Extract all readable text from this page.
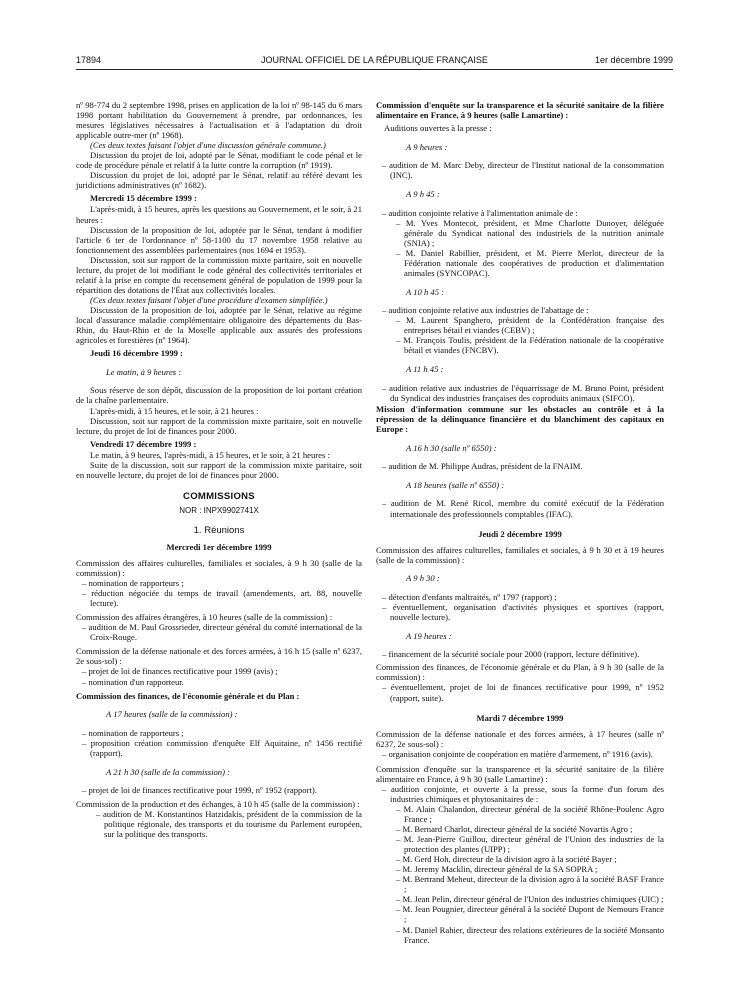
17894	JOURNAL OFFICIEL DE LA RÉPUBLIQUE FRANÇAISE	1er décembre 1999

nº 98-774 du 2 septembre 1998, prises en application de la loi nº 98-145 du 6 mars 1998 portant habilitation du Gouvernement à prendre, par ordonnances, les mesures législatives nécessaires à l'actualisation et à l'adaptation du droit applicable outre-mer (nº 1968).

(Ces deux textes faisant l'objet d'une discussion générale commune.)

Discussion du projet de loi, adopté par le Sénat, modifiant le code pénal et le code de procédure pénale et relatif à la lutte contre la corruption (nº 1919).

Discussion du projet de loi, adopté par le Sénat, relatif au référé devant les juridictions administratives (nº 1682).

Mercredi 15 décembre 1999 :

L'après-midi, à 15 heures, après les questions au Gouvernement, et le soir, à 21 heures :

Discussion de la proposition de loi, adoptée par le Sénat, tendant à modifier l'article 6 ter de l'ordonnance nº 58-1100 du 17 novembre 1958 relative au fonctionnement des assemblées parlementaires (nos 1694 et 1953).

Discussion, soit sur rapport de la commission mixte paritaire, soit en nouvelle lecture, du projet de loi modifiant le code général des collectivités territoriales et relatif à la prise en compte du recensement général de population de 1999 pour la répartition des dotations de l'État aux collectivités locales.

(Ces deux textes faisant l'objet d'une procédure d'examen simplifiée.)

Discussion de la proposition de loi, adoptée par le Sénat, relative au régime local d'assurance maladie complémentaire obligatoire des départements du Bas-Rhin, du Haut-Rhin et de la Moselle applicable aux assurés des professions agricoles et forestières (nº 1964).

Jeudi 16 décembre 1999 :

Le matin, à 9 heures :

Sous réserve de son dépôt, discussion de la proposition de loi portant création de la chaîne parlementaire.

L'après-midi, à 15 heures, et le soir, à 21 heures :

Discussion, soit sur rapport de la commission mixte paritaire, soit en nouvelle lecture, du projet de loi de finances pour 2000.

Vendredi 17 décembre 1999 :

Le matin, à 9 heures, l'après-midi, à 15 heures, et le soir, à 21 heures :

Suite de la discussion, soit sur rapport de la commission mixte paritaire, soit en nouvelle lecture, du projet de loi de finances pour 2000.

COMMISSIONS

NOR : INPX9902741X

1. Réunions

Mercredi 1er décembre 1999

Commission des affaires culturelles, familiales et sociales, à 9 h 30 (salle de la commission) :

– nomination de rapporteurs ;

– réduction négociée du temps de travail (amendements, art. 88, nouvelle lecture).

Commission des affaires étrangères, à 10 heures (salle de la commission) :

– audition de M. Paul Grossrieder, directeur général du comité international de la Croix-Rouge.

Commission de la défense nationale et des forces armées, à 16 h 15 (salle nº 6237, 2e sous-sol) :

– projet de loi de finances rectificative pour 1999 (avis) ;

– nomination d'un rapporteur.

Commission des finances, de l'économie générale et du Plan :

A 17 heures (salle de la commission) :

– nomination de rapporteurs ;

– proposition création commission d'enquête Elf Aquitaine, nº 1456 rectifié (rapport).

A 21 h 30 (salle de la commission) :

– projet de loi de finances rectificative pour 1999, nº 1952 (rapport).

Commission de la production et des échanges, à 10 h 45 (salle de la commission) :

– audition de M. Konstantinos Hatzidakis, président de la commission de la politique régionale, des transports et du tourisme du Parlement européen, sur la politique des transports.

Commission d'enquête sur la transparence et la sécurité sanitaire de la filière alimentaire en France, à 9 heures (salle Lamartine) :

Auditions ouvertes à la presse :

A 9 heures :

– audition de M. Marc Deby, directeur de l'Institut national de la consommation (INC).

A 9 h 45 :

– audition conjointe relative à l'alimentation animale de :

– M. Yves Montecot, président, et Mme Charlotte Dunoyer, déléguée générale du Syndicat national des industriels de la nutrition animale (SNIA) ;

– M. Daniel Rabillier, président, et M. Pierre Merlot, directeur de la Fédération nationale des coopératives de production et d'alimentation animales (SYNCOPAC).

A 10 h 45 :

– audition conjointe relative aux industries de l'abattage de :

– M. Laurent Spanghero, président de la Confédération française des entreprises bétail et viandes (CEBV) ;

– M. François Toulis, président de la Fédération nationale de la coopérative bétail et viandes (FNCBV).

A 11 h 45 :

– audition relative aux industries de l'équarrissage de M. Bruno Point, président du Syndicat des industries françaises des coproduits animaux (SIFCO).

Mission d'information commune sur les obstacles au contrôle et à la répression de la délinquance financière et du blanchiment des capitaux en Europe :

A 16 h 30 (salle nº 6550) :

– audition de M. Philippe Audras, président de la FNAIM.

A 18 heures (salle nº 6550) :

– audition de M. René Ricol, membre du comité exécutif de la Fédération internationale des professionnels comptables (IFAC).

Jeudi 2 décembre 1999

Commission des affaires culturelles, familiales et sociales, à 9 h 30 et à 19 heures (salle de la commission) :

A 9 h 30 :

– détection d'enfants maltraités, nº 1797 (rapport) ;

– éventuellement, organisation d'activités physiques et sportives (rapport, nouvelle lecture).

A 19 heures :

– financement de la sécurité sociale pour 2000 (rapport, lecture définitive).

Commission des finances, de l'économie générale et du Plan, à 9 h 30 (salle de la commission) :

– éventuellement, projet de loi de finances rectificative pour 1999, nº 1952 (rapport, suite).

Mardi 7 décembre 1999

Commission de la défense nationale et des forces armées, à 17 heures (salle nº 6237, 2e sous-sol) :

– organisation conjointe de coopération en matière d'armement, nº 1916 (avis).

Commission d'enquête sur la transparence et la sécurité sanitaire de la filière alimentaire en France, à 9 h 30 (salle Lamartine) :

– audition conjointe, et ouverte à la presse, sous la forme d'un forum des industries chimiques et phytosanitaires de :

– M. Alain Chalandon, directeur général de la société Rhône-Poulenc Agro France ;

– M. Bernard Charlot, directeur général de la société Novartis Agro ;

– M. Jean-Pierre Guillou, directeur général de l'Union des industries de la protection des plantes (UIPP) ;

– M. Gerd Hoh, directeur de la division agro à la société Bayer ;

– M. Jeremy Macklin, directeur général de la SA SOPRA ;

– M. Bertrand Meheut, directeur de la division agro à la société BASF France ;

– M. Jean Pelin, directeur général de l'Union des industries chimiques (UIC) ;

– M. Jean Pougnier, directeur général à la société Dupont de Nemours France ;

– M. Daniel Rahier, directeur des relations extérieures de la société Monsanto France.
